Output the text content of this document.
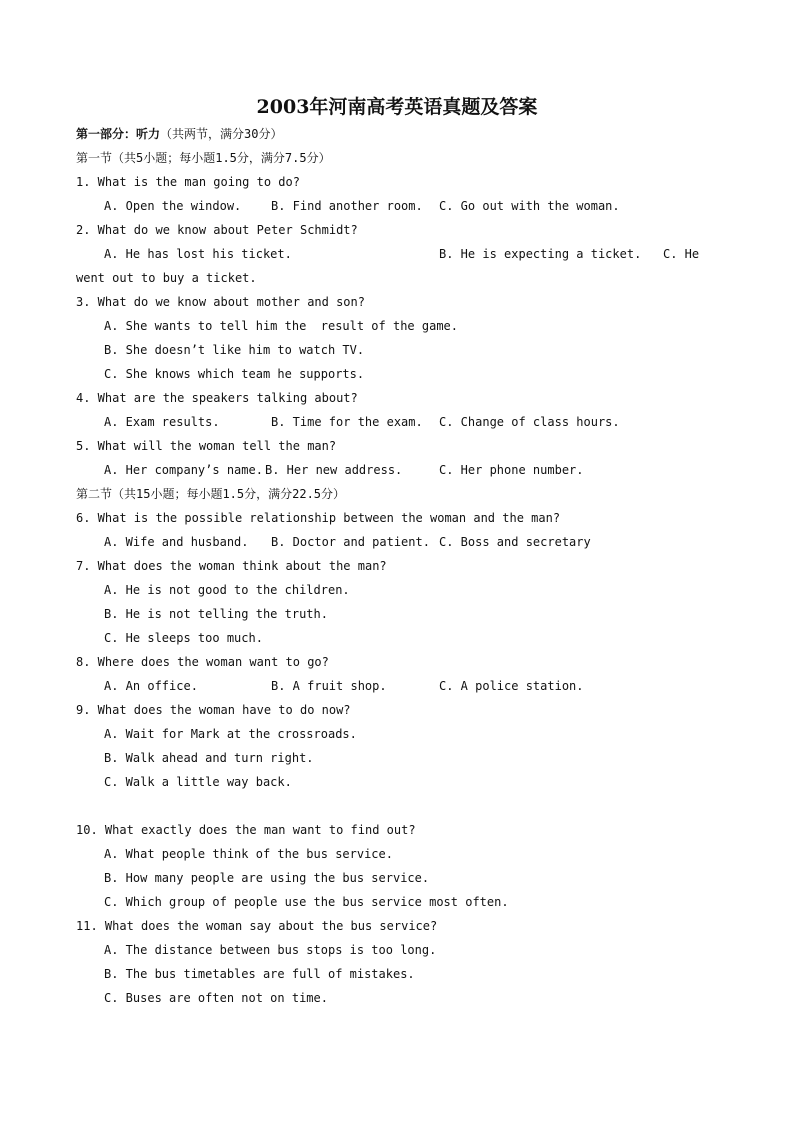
2003年河南高考英语真题及答案
第一部分：听力（共两节，满分30分）
第一节（共5小题；每小题1.5分，满分7.5分）
1. What is the man going to do?
A. Open the window. B. Find another room. C. Go out with the woman.
2. What do we know about Peter Schmidt?
A. He has lost his ticket.	B. He is expecting a ticket. C. He
went out to buy a ticket.
3. What do we know about mother and son?
A. She wants to tell him the  result of the game.
B. She doesn’t like him to watch TV.
C. She knows which team he supports.
4. What are the speakers talking about?
A. Exam results.	B. Time for the exam. C. Change of class hours.
5. What will the woman tell the man?
A. Her company’s name. B. Her new address.	C. Her phone number.
第二节（共15小题；每小题1.5分，满分22.5分）
6. What is the possible relationship between the woman and the man?
A. Wife and husband. B. Doctor and patient. C. Boss and secretary
7. What does the woman think about the man?
A. He is not good to the children.
B. He is not telling the truth.
C. He sleeps too much.
8. Where does the woman want to go?
A. An office.	B. A fruit shop.	C. A police station.
9. What does the woman have to do now?
A. Wait for Mark at the crossroads.
B. Walk ahead and turn right.
C. Walk a little way back.
10. What exactly does the man want to find out?
A. What people think of the bus service.
B. How many people are using the bus service.
C. Which group of people use the bus service most often.
11. What does the woman say about the bus service?
A. The distance between bus stops is too long.
B. The bus timetables are full of mistakes.
C. Buses are often not on time.
